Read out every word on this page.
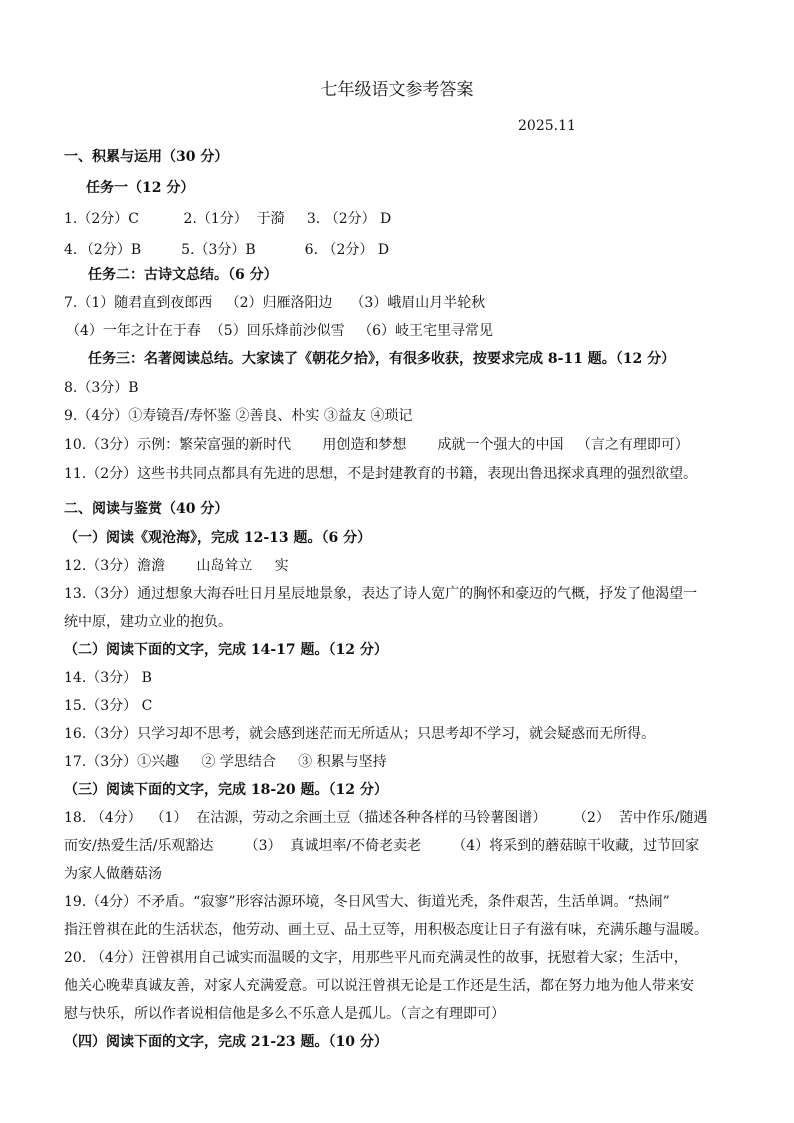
七年级语文参考答案
2025.11
一、积累与运用（30 分）
任务一（12 分）
1.（2分）C          2.（1分）  于漪     3. （2分） D
4．（2分）B         5.（3分）B           6. （2分） D
任务二：古诗文总结。（6 分）
7.（1）随君直到夜郎西   （2）归雁洛阳边    （3）峨眉山月半轮秋
（4）一年之计在于春  （5）回乐烽前沙似雪   （6）岐王宅里寻常见
任务三：名著阅读总结。大家读了《朝花夕拾》，有很多收获，按要求完成 8-11 题。（12 分）
8.（3分）B
9.（4分）①寿镜吾/寿怀鉴 ②善良、朴实 ③益友 ④琐记
10.（3分）示例：繁荣富强的新时代       用创造和梦想       成就一个强大的中国   （言之有理即可）
11.（2分）这些书共同点都具有先进的思想，不是封建教育的书籍，表现出鲁迅探求真理的强烈欲望。
二、阅读与鉴赏（40 分）
（一）阅读《观沧海》，完成 12-13 题。（6 分）
12.（3分）澹澹       山岛耸立     实
13.（3分）通过想象大海吞吐日月星辰地景象，表达了诗人宽广的胸怀和豪迈的气概，抒发了他渴望一
统中原，建功立业的抱负。
（二）阅读下面的文字，完成 14-17 题。（12 分）
14.（3分） B
15.（3分） C
16.（3分）只学习却不思考，就会感到迷茫而无所适从；只思考却不学习，就会疑惑而无所得。
17.（3分）①兴趣     ② 学思结合     ③ 积累与坚持
（三）阅读下面的文字，完成 18-20 题。（12 分）
18. （4分）  （1）  在沽源，劳动之余画土豆（描述各种各样的马铃薯图谱）      （2）  苦中作乐/随遇
而安/热爱生活/乐观豁达       （3）  真诚坦率/不倚老卖老       （4）将采到的蘑菇晾干收藏，过节回家
为家人做蘑菇汤
19.（4分）不矛盾。“寂寥”形容沽源环境，冬日风雪大、街道光秃，条件艰苦，生活单调。“热闹”
指汪曾祺在此的生活状态，他劳动、画土豆、品土豆等，用积极态度让日子有滋有味，充满乐趣与温暖。
20. （4分）汪曾祺用自己诚实而温暖的文字，用那些平凡而充满灵性的故事，抚慰着大家；生活中，
他关心晚辈真诚友善，对家人充满爱意。可以说汪曾祺无论是工作还是生活，都在努力地为他人带来安
慰与快乐，所以作者说相信他是多么不乐意人是孤儿。（言之有理即可）
（四）阅读下面的文字，完成 21-23 题。（10 分）
